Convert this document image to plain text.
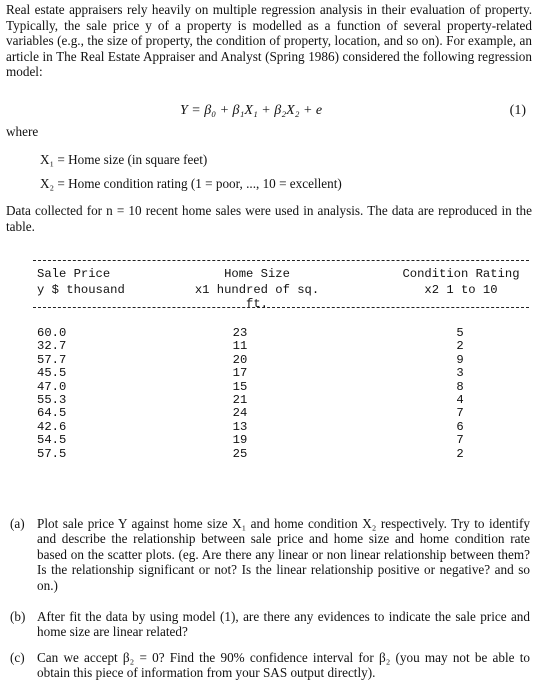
Real estate appraisers rely heavily on multiple regression analysis in their evaluation of property. Typically, the sale price y of a property is modelled as a function of several property-related variables (e.g., the size of property, the condition of property, location, and so on). For example, an article in The Real Estate Appraiser and Analyst (Spring 1986) considered the following regression model:
Y = β₀ + β₁X₁ + β₂X₂ + e	(1)
where
X₁ = Home size (in square feet)
X₂ = Home condition rating (1 = poor, ..., 10 = excellent)
Data collected for n = 10 recent home sales were used in analysis. The data are reproduced in the table.
Sale Price
y $ thousand
Home Size
x1 hundred of sq. ft.
Condition Rating
x2 1 to 10
60.0
32.7
57.7
45.5
47.0
55.3
64.5
42.6
54.5
57.5
23
11
20
17
15
21
24
13
19
25
5
2
9
3
8
4
7
6
7
2
(a) Plot sale price Y against home size X₁ and home condition X₂ respectively. Try to identify and describe the relationship between sale price and home size and home condition rate based on the scatter plots. (eg. Are there any linear or non linear relationship between them? Is the relationship significant or not? Is the linear relationship positive or negative? and so on.)
(b) After fit the data by using model (1), are there any evidences to indicate the sale price and home size are linear related?
(c) Can we accept β₂ = 0? Find the 90% confidence interval for β₂ (you may not be able to obtain this piece of information from your SAS output directly).
